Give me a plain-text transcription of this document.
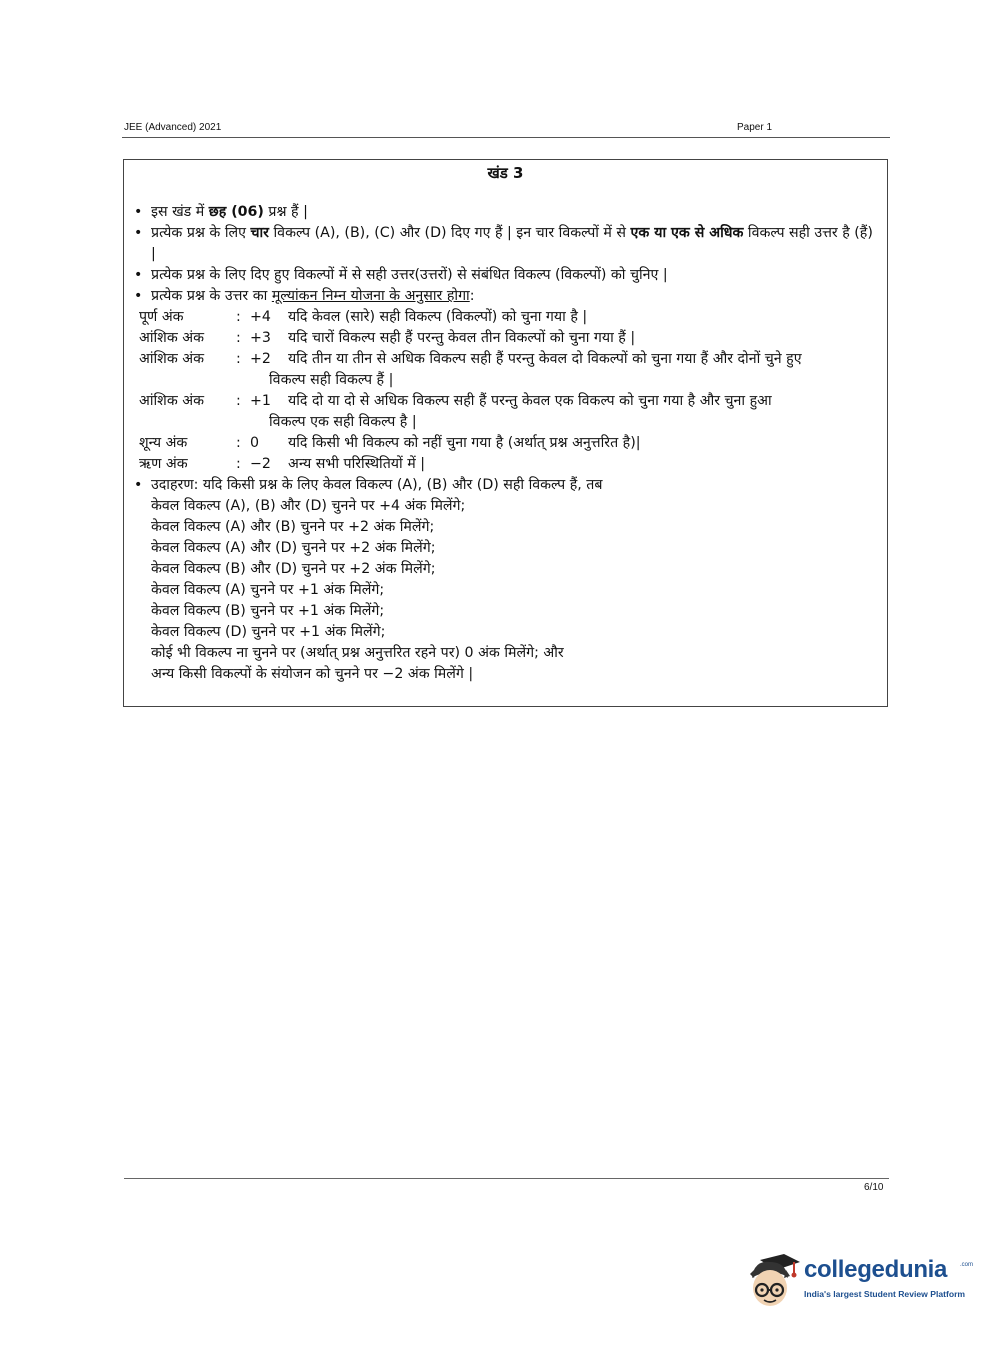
JEE (Advanced) 2021	Paper 1
खंड 3
• इस खंड में छह (06) प्रश्न हैं |
• प्रत्येक प्रश्न के लिए चार विकल्प (A), (B), (C) और (D) दिए गए हैं | इन चार विकल्पों में से एक या एक से अधिक विकल्प सही उत्तर है (हैं) |
• प्रत्येक प्रश्न के लिए दिए हुए विकल्पों में से सही उत्तर(उत्तरों) से संबंधित विकल्प (विकल्पों) को चुनिए |
• प्रत्येक प्रश्न के उत्तर का मूल्यांकन निम्न योजना के अनुसार होगा:
पूर्ण अंक	: +4 यदि केवल (सारे) सही विकल्प (विकल्पों) को चुना गया है |
आंशिक अंक	: +3 यदि चारों विकल्प सही हैं परन्तु केवल तीन विकल्पों को चुना गया हैं |
आंशिक अंक	: +2 यदि तीन या तीन से अधिक विकल्प सही हैं परन्तु केवल दो विकल्पों को चुना गया हैं और दोनों चुने हुए
विकल्प सही विकल्प हैं |
आंशिक अंक	: +1 यदि दो या दो से अधिक विकल्प सही हैं परन्तु केवल एक विकल्प को चुना गया है और चुना हुआ
विकल्प एक सही विकल्प है |
शून्य अंक	: 0 यदि किसी भी विकल्प को नहीं चुना गया है (अर्थात् प्रश्न अनुत्तरित है)|
ऋण अंक	: −2 अन्य सभी परिस्थितियों में |
• उदाहरण: यदि किसी प्रश्न के लिए केवल विकल्प (A), (B) और (D) सही विकल्प हैं, तब
केवल विकल्प (A), (B) और (D) चुनने पर +4 अंक मिलेंगे;
केवल विकल्प (A) और (B) चुनने पर +2 अंक मिलेंगे;
केवल विकल्प (A) और (D) चुनने पर +2 अंक मिलेंगे;
केवल विकल्प (B) और (D) चुनने पर +2 अंक मिलेंगे;
केवल विकल्प (A) चुनने पर +1 अंक मिलेंगे;
केवल विकल्प (B) चुनने पर +1 अंक मिलेंगे;
केवल विकल्प (D) चुनने पर +1 अंक मिलेंगे;
कोई भी विकल्प ना चुनने पर (अर्थात् प्रश्न अनुत्तरित रहने पर) 0 अंक मिलेंगे; और
अन्य किसी विकल्पों के संयोजन को चुनने पर −2 अंक मिलेंगे |
6/10
collegedunia .com
India's largest Student Review Platform
